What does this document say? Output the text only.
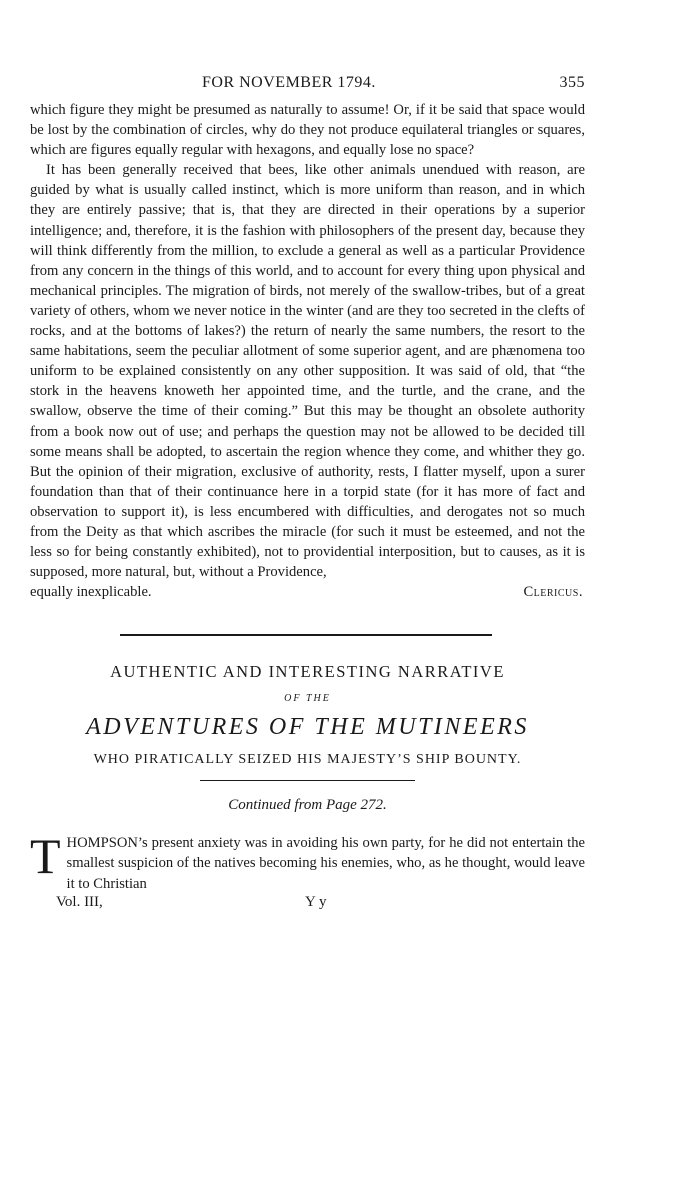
FOR NOVEMBER 1794.	355

which figure they might be presumed as naturally to assume! Or, if it be said that space would be lost by the combination of circles, why do they not produce equilateral triangles or squares, which are figures equally regular with hexagons, and equally lose no space?

It has been generally received that bees, like other animals unendued with reason, are guided by what is usually called instinct, which is more uniform than reason, and in which they are entirely passive; that is, that they are directed in their operations by a superior intelligence; and, therefore, it is the fashion with philosophers of the present day, because they will think differently from the million, to exclude a general as well as a particular Providence from any concern in the things of this world, and to account for every thing upon physical and mechanical principles. The migration of birds, not merely of the swallow-tribes, but of a great variety of others, whom we never notice in the winter (and are they too secreted in the clefts of rocks, and at the bottoms of lakes?) the return of nearly the same numbers, the resort to the same habitations, seem the peculiar allotment of some superior agent, and are phænomena too uniform to be explained consistently on any other supposition. It was said of old, that “the stork in the heavens knoweth her appointed time, and the turtle, and the crane, and the swallow, observe the time of their coming.” But this may be thought an obsolete authority from a book now out of use; and perhaps the question may not be allowed to be decided till some means shall be adopted, to ascertain the region whence they come, and whither they go. But the opinion of their migration, exclusive of authority, rests, I flatter myself, upon a surer foundation than that of their continuance here in a torpid state (for it has more of fact and observation to support it), is less encumbered with difficulties, and derogates not so much from the Deity as that which ascribes the miracle (for such it must be esteemed, and not the less so for being constantly exhibited), not to providential interposition, but to causes, as it is supposed, more natural, but, without a Providence,

equally inexplicable.	Clericus.
AUTHENTIC AND INTERESTING NARRATIVE
OF THE
ADVENTURES OF THE MUTINEERS
WHO PIRATICALLY SEIZED HIS MAJESTY’S SHIP BOUNTY.
Continued from Page 272.
T HOMPSON’s present anxiety was in avoiding his own party, for he did not entertain the smallest suspicion of the natives becoming his enemies, who, as he thought, would leave it to Christian

Vol. III,	Y y
